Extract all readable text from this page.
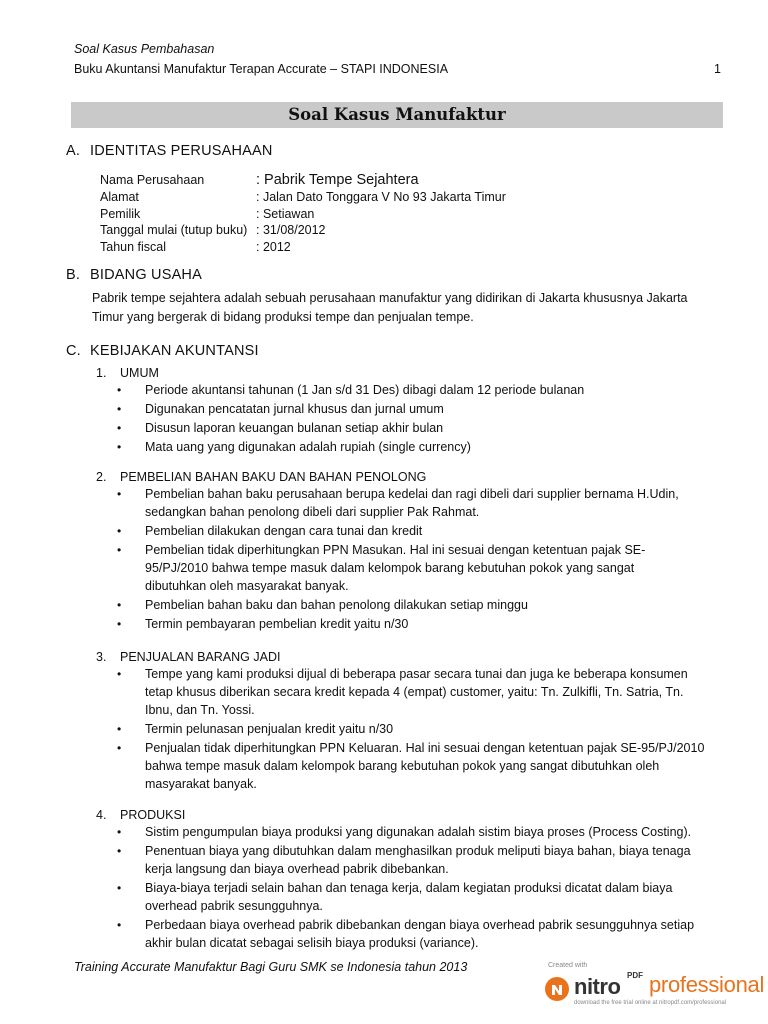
Soal Kasus Pembahasan
Buku Akuntansi Manufaktur Terapan Accurate – STAPI INDONESIA	1
Soal Kasus Manufaktur
A. IDENTITAS PERUSAHAAN
Nama Perusahaan	: Pabrik Tempe Sejahtera
Alamat	: Jalan Dato Tonggara V No 93 Jakarta Timur
Pemilik	: Setiawan
Tanggal mulai (tutup buku) : 31/08/2012
Tahun fiscal	: 2012
B. BIDANG USAHA
Pabrik tempe sejahtera adalah sebuah perusahaan manufaktur yang didirikan di Jakarta khususnya Jakarta
Timur yang bergerak di bidang produksi tempe dan penjualan tempe.
C. KEBIJAKAN AKUNTANSI
1. UMUM
• Periode akuntansi tahunan (1 Jan s/d 31 Des) dibagi dalam 12 periode bulanan
• Digunakan pencatatan jurnal khusus dan jurnal umum
• Disusun laporan keuangan bulanan setiap akhir bulan
• Mata uang yang digunakan adalah rupiah (single currency)
2. PEMBELIAN BAHAN BAKU DAN BAHAN PENOLONG
• Pembelian bahan baku perusahaan berupa kedelai dan ragi dibeli dari supplier bernama H.Udin,
sedangkan bahan penolong dibeli dari supplier Pak Rahmat.
• Pembelian dilakukan dengan cara tunai dan kredit
• Pembelian tidak diperhitungkan PPN Masukan. Hal ini sesuai dengan ketentuan pajak SE-
95/PJ/2010 bahwa tempe masuk dalam kelompok barang kebutuhan pokok yang sangat
dibutuhkan oleh masyarakat banyak.
• Pembelian bahan baku dan bahan penolong dilakukan setiap minggu
• Termin pembayaran pembelian kredit yaitu n/30
3. PENJUALAN BARANG JADI
• Tempe yang kami produksi dijual di beberapa pasar secara tunai dan juga ke beberapa konsumen
tetap khusus diberikan secara kredit kepada 4 (empat) customer, yaitu: Tn. Zulkifli, Tn. Satria, Tn.
Ibnu, dan Tn. Yossi.
• Termin pelunasan penjualan kredit yaitu n/30
• Penjualan tidak diperhitungkan PPN Keluaran. Hal ini sesuai dengan ketentuan pajak SE-95/PJ/2010
bahwa tempe masuk dalam kelompok barang kebutuhan pokok yang sangat dibutuhkan oleh
masyarakat banyak.
4. PRODUKSI
• Sistim pengumpulan biaya produksi yang digunakan adalah sistim biaya proses (Process Costing).
• Penentuan biaya yang dibutuhkan dalam menghasilkan produk meliputi biaya bahan, biaya tenaga
kerja langsung dan biaya overhead pabrik dibebankan.
• Biaya-biaya terjadi selain bahan dan tenaga kerja, dalam kegiatan produksi dicatat dalam biaya
overhead pabrik sesungguhnya.
• Perbedaan biaya overhead pabrik dibebankan dengan biaya overhead pabrik sesungguhnya setiap
akhir bulan dicatat sebagai selisih biaya produksi (variance).
Training Accurate Manufaktur Bagi Guru SMK se Indonesia tahun 2013	Created with
nitro PDF professional
download the free trial online at nitropdf.com/professional
